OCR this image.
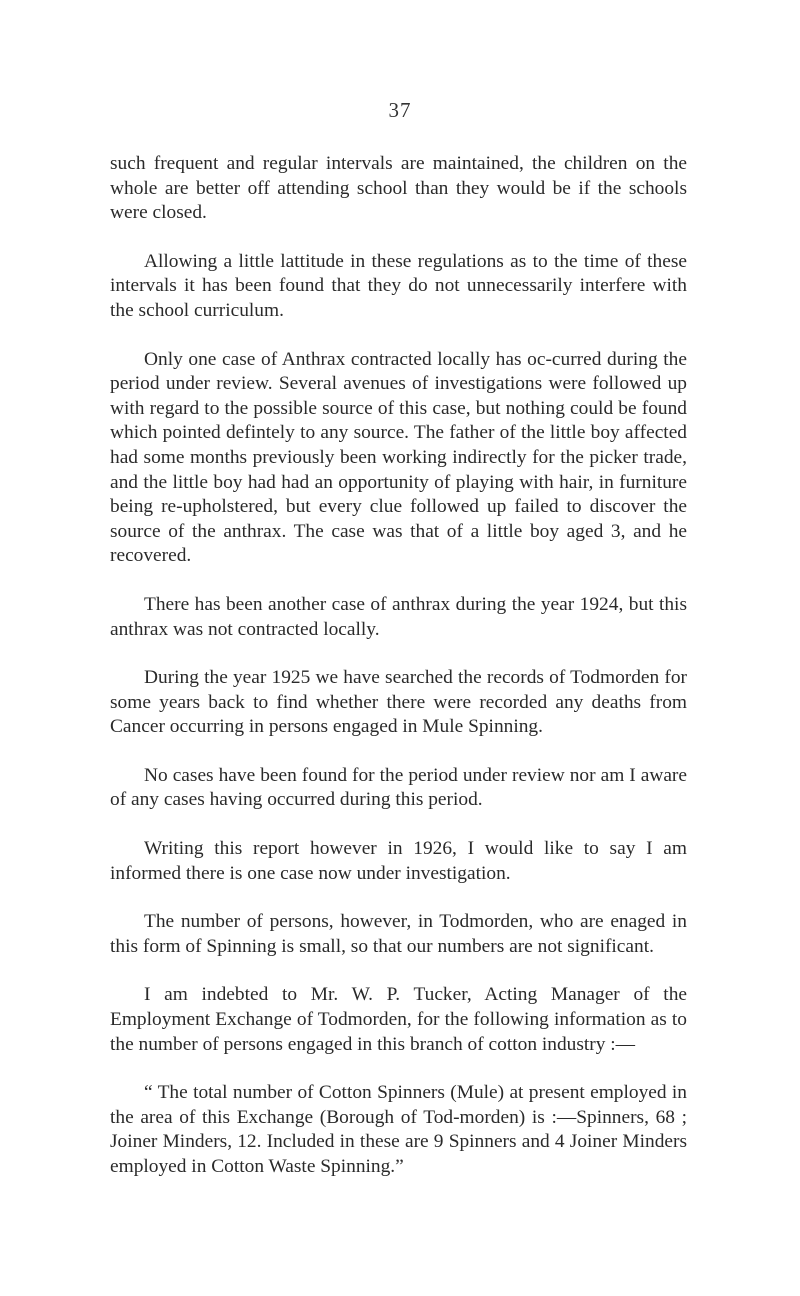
37

such frequent and regular intervals are maintained, the children on the whole are better off attending school than they would be if the schools were closed.

Allowing a little lattitude in these regulations as to the time of these intervals it has been found that they do not unnecessarily interfere with the school curriculum.

Only one case of Anthrax contracted locally has oc-curred during the period under review. Several avenues of investigations were followed up with regard to the possible source of this case, but nothing could be found which pointed defintely to any source. The father of the little boy affected had some months previously been working indirectly for the picker trade, and the little boy had had an opportunity of playing with hair, in furniture being re-upholstered, but every clue followed up failed to discover the source of the anthrax. The case was that of a little boy aged 3, and he recovered.

There has been another case of anthrax during the year 1924, but this anthrax was not contracted locally.

During the year 1925 we have searched the records of Todmorden for some years back to find whether there were recorded any deaths from Cancer occurring in persons engaged in Mule Spinning.

No cases have been found for the period under review nor am I aware of any cases having occurred during this period.

Writing this report however in 1926, I would like to say I am informed there is one case now under investigation.

The number of persons, however, in Todmorden, who are enaged in this form of Spinning is small, so that our numbers are not significant.

I am indebted to Mr. W. P. Tucker, Acting Manager of the Employment Exchange of Todmorden, for the following information as to the number of persons engaged in this branch of cotton industry :—

“ The total number of Cotton Spinners (Mule) at present employed in the area of this Exchange (Borough of Tod-morden) is :—Spinners, 68 ; Joiner Minders, 12. Included in these are 9 Spinners and 4 Joiner Minders employed in Cotton Waste Spinning.”
